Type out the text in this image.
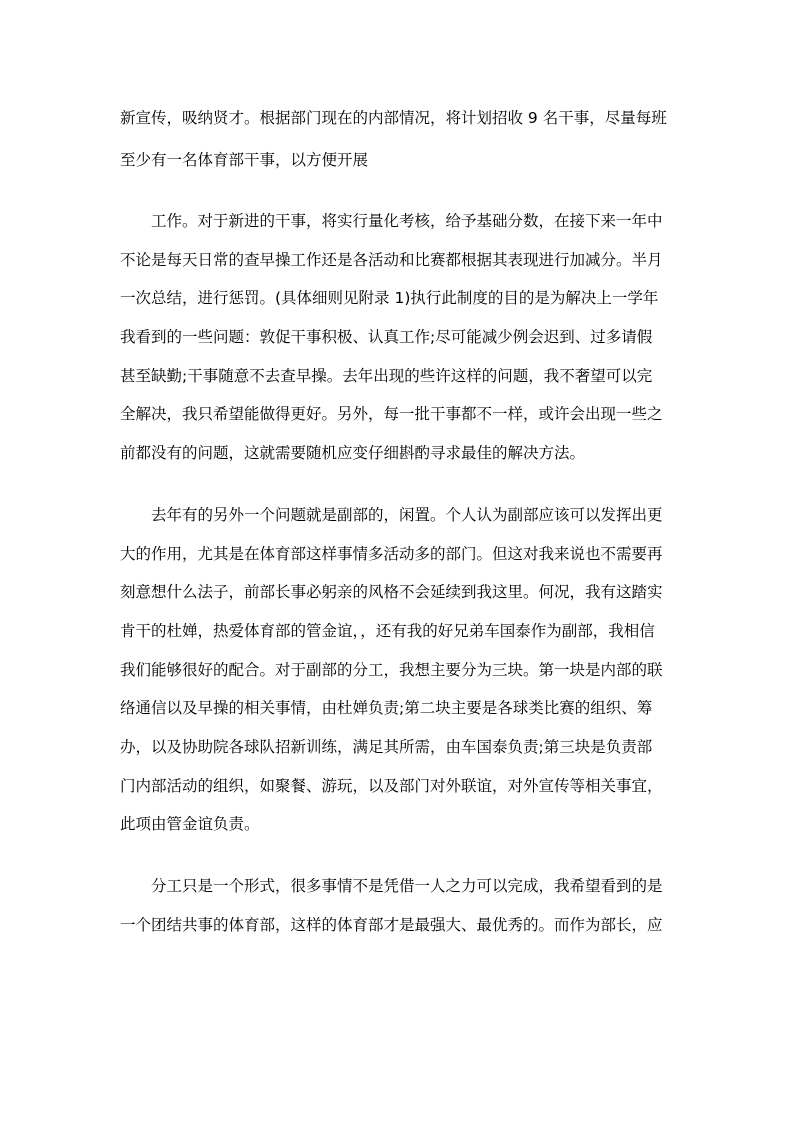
新宣传，吸纳贤才。根据部门现在的内部情况，将计划招收 9 名干事，尽量每班
至少有一名体育部干事，以方便开展
工作。对于新进的干事，将实行量化考核，给予基础分数，在接下来一年中
不论是每天日常的查早操工作还是各活动和比赛都根据其表现进行加减分。半月
一次总结，进行惩罚。(具体细则见附录 1)执行此制度的目的是为解决上一学年
我看到的一些问题：敦促干事积极、认真工作;尽可能减少例会迟到、过多请假
甚至缺勤;干事随意不去查早操。去年出现的些许这样的问题，我不奢望可以完
全解决，我只希望能做得更好。另外，每一批干事都不一样，或许会出现一些之
前都没有的问题，这就需要随机应变仔细斟酌寻求最佳的解决方法。
去年有的另外一个问题就是副部的，闲置。个人认为副部应该可以发挥出更
大的作用，尤其是在体育部这样事情多活动多的部门。但这对我来说也不需要再
刻意想什么法子，前部长事必躬亲的风格不会延续到我这里。何况，我有这踏实
肯干的杜婵，热爱体育部的管金谊，，还有我的好兄弟车国泰作为副部，我相信
我们能够很好的配合。对于副部的分工，我想主要分为三块。第一块是内部的联
络通信以及早操的相关事情，由杜婵负责;第二块主要是各球类比赛的组织、筹
办，以及协助院各球队招新训练，满足其所需，由车国泰负责;第三块是负责部
门内部活动的组织，如聚餐、游玩，以及部门对外联谊，对外宣传等相关事宜，
此项由管金谊负责。
分工只是一个形式，很多事情不是凭借一人之力可以完成，我希望看到的是
一个团结共事的体育部，这样的体育部才是最强大、最优秀的。而作为部长，应
